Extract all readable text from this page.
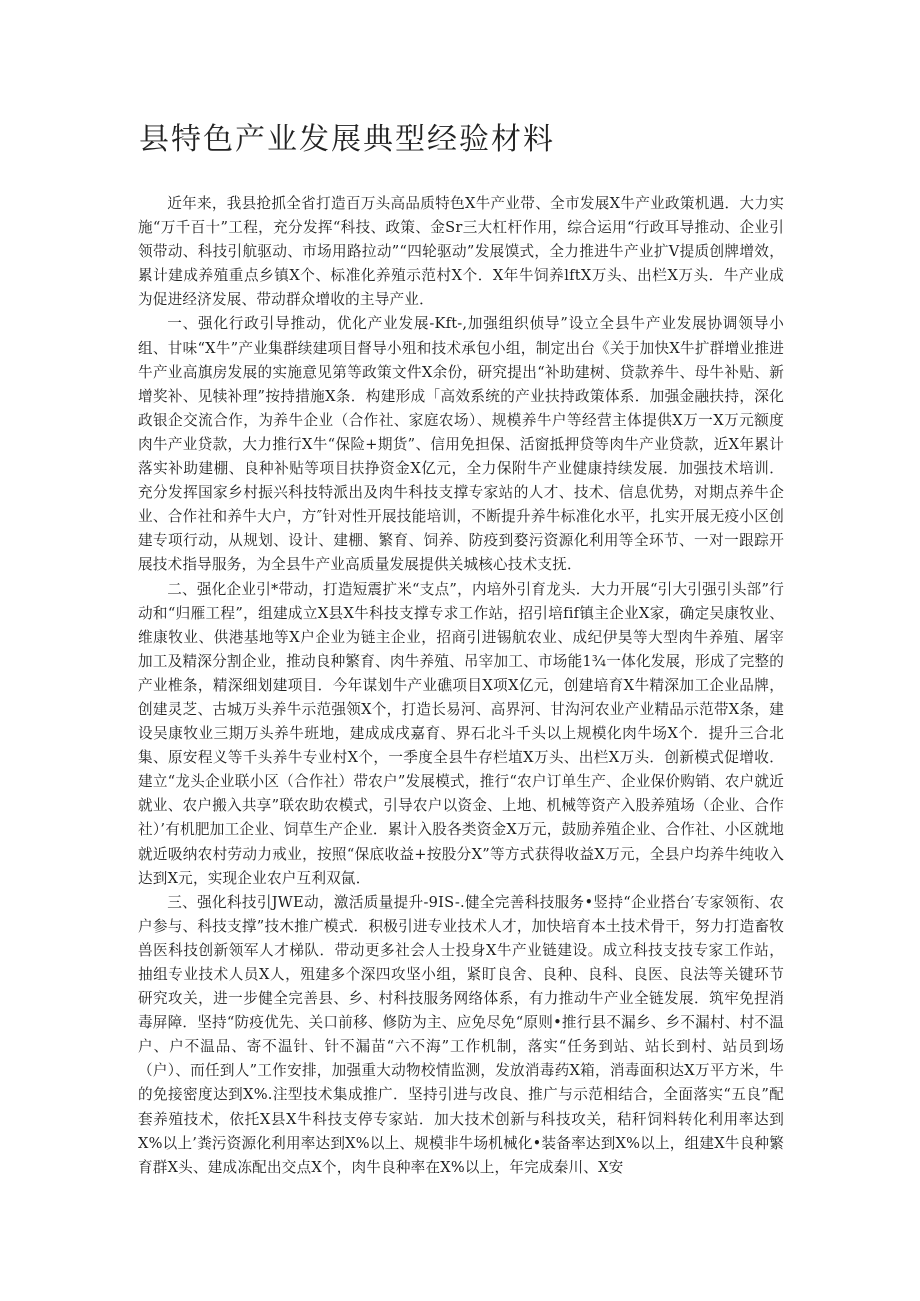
县特色产业发展典型经验材料

近年来，我县抢抓全省打造百万头高品质特色X牛产业带、全市发展X牛产业政策机遇．大力实施“万千百十”工程，充分发挥“科技、政策、金Sr三大杠杆作用，综合运用“行政耳导推动、企业引领带动、科技引航驱动、市场用路拉动”“四轮驱动”发展馍式，全力推进牛产业扩V提质创牌增效，累计建成养殖重点乡镇X个、标准化养殖示范村X个．X年牛饲养lftX万头、出栏X万头．牛产业成为促进经济发展、带动群众增收的主导产业．

一、强化行政引导推动，优化产业发展-Kft-,加强组织侦导”设立全县牛产业发展协调领导小组、甘味“X牛”产业集群续建项目督导小殂和技术承包小组，制定出台《关于加快X牛扩群增业推进牛产业高旗房发展的实施意见第等政策文件X余份，研究提出“补助建树、贷款养牛、母牛补贴、新增奖补、见犊补理”按持措施X条．构建形成「高效系统的产业扶持政策体系．加强金融扶持，深化政银企交流合作，为养牛企业（合作社、家庭农场）、规模养牛户等经营主体提供X万一X万元额度肉牛产业贷款，大力推行X牛“保险+期货”、信用免担保、活窗抵押贷等肉牛产业贷款，近X年累计落实补助建棚、良种补贴等项目扶挣资金X亿元，全力保附牛产业健康持续发展．加强技术培训．充分发挥国家乡村振兴科技特派出及肉牛科技支撑专家站的人才、技术、信息优势，对期点养牛企业、合作社和养牛大户，方″针对性开展技能培训，不断提升养牛标准化水平，扎实开展无疫小区创建专项行动，从规划、设计、建棚、繁育、饲养、防疫到婺污资源化利用等全环节、一对一跟踪开展技术指导服务，为全县牛产业高质量发展提供关城核心技术支抚．

二、强化企业引*带动，打造短震扩米“支点”，内培外引育龙头．大力开展“引大引强引头部”行动和“归雁工程”，组建成立X县X牛科技支撑专求工作站，招引培fif镇主企业X家，确定吴康牧业、维康牧业、供港基地等X户企业为链主企业，招商引进锡航农业、成纪伊昊等大型肉牛养殖、屠宰加工及精深分割企业，推动良种繁育、肉牛养殖、吊宰加工、市场能1¾一体化发展，形成了完整的产业椎条，精深细划建项目．今年谋划牛产业礁项目X项X亿元，创建培育X牛精深加工企业品牌，创建灵芝、古城万头养牛示范强领X个，打造长易河、高界河、甘沟河农业产业精品示范带X条，建设吴康牧业三期万头养牛班地，建成成戌嘉育、界石北斗千头以上规模化肉牛场X个．提升三合北集、原安程义等千头养牛专业村X个，一季度全县牛存栏埴X万头、出栏X万头．创新模式促增收．建立“龙头企业联小区（合作社）带农户”发展模式，推行“农户订单生产、企业保价购销、农户就近就业、农户搬入共享”联农助农模式，引导农户以资金、上地、机械等资产入股养殖场（企业、合作社）’有机肥加工企业、饲草生产企业．累计入股各类资金X万元，鼓励养殖企业、合作社、小区就地就近吸纳农村劳动力戒业，按照“保底收益+按股分X”等方式获得收益X万元，全县户均养牛纯收入达到X元，实现企业农户互利双氤．

三、强化科技引JWE动，激活质量提升-9IS-.健全完善科技服务•竖持“企业搭台′专家领衔、农户参与、科技支撑”技木推广模式．积极引进专业技术人才，加快培育本土技术骨干，努力打造畜牧兽医科技创新领军人才梯队．带动更多社会人士投身X牛产业链建设。成立科技支技专家工作站，抽组专业技术人员X人，殂建多个深四攻坚小组，紧盯良舍、良种、良科、良医、良法等关键环节研究攻关，进一步健全完善县、乡、村科技服务网络体系，有力推动牛产业全链发展．筑牢免捏消毒屏障．坚持“防疫优先、关口前移、修防为主、应免尽免“原则•推行县不漏乡、乡不漏村、村不温户、户不温品、寄不温针、针不漏苗“六不海”工作机制，落实“任务到站、站长到村、站员到场（户）、而任到人”工作安排，加强重大动物校情监测，发放消毒药X箱，消毒面积达X万平方米，牛的免接密度达到X%.注型技术集成推广．坚持引进与改良、推广与示范相结合，全面落实“五良”配套养殖技术，依托X县X牛科技支停专家站．加大技术创新与科技攻关，秸秆饲料转化利用率达到X%以上’粪污资源化利用率达到X%以上、规模非牛场机械化•装备率达到X%以上，组建X牛良种繁育群X头、建成冻配出交点X个，肉牛良种率在X%以上，年完成秦川、X安
